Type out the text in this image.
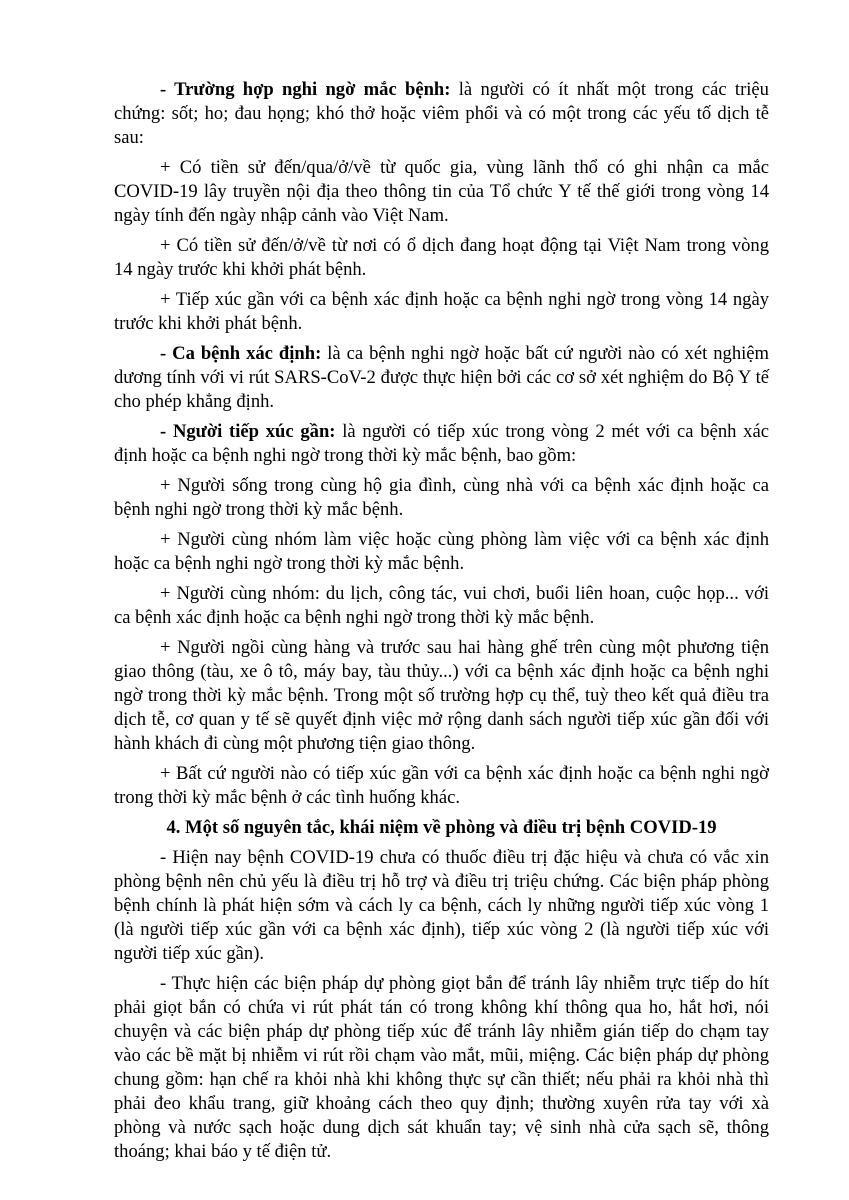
- Trường hợp nghi ngờ mắc bệnh: là người có ít nhất một trong các triệu chứng: sốt; ho; đau họng; khó thở hoặc viêm phổi và có một trong các yếu tố dịch tễ sau:

+ Có tiền sử đến/qua/ở/về từ quốc gia, vùng lãnh thổ có ghi nhận ca mắc COVID-19 lây truyền nội địa theo thông tin của Tổ chức Y tế thế giới trong vòng 14 ngày tính đến ngày nhập cảnh vào Việt Nam.

+ Có tiền sử đến/ở/về từ nơi có ổ dịch đang hoạt động tại Việt Nam trong vòng 14 ngày trước khi khởi phát bệnh.

+ Tiếp xúc gần với ca bệnh xác định hoặc ca bệnh nghi ngờ trong vòng 14 ngày trước khi khởi phát bệnh.

- Ca bệnh xác định: là ca bệnh nghi ngờ hoặc bất cứ người nào có xét nghiệm dương tính với vi rút SARS-CoV-2 được thực hiện bởi các cơ sở xét nghiệm do Bộ Y tế cho phép khẳng định.

- Người tiếp xúc gần: là người có tiếp xúc trong vòng 2 mét với ca bệnh xác định hoặc ca bệnh nghi ngờ trong thời kỳ mắc bệnh, bao gồm:

+ Người sống trong cùng hộ gia đình, cùng nhà với ca bệnh xác định hoặc ca bệnh nghi ngờ trong thời kỳ mắc bệnh.

+ Người cùng nhóm làm việc hoặc cùng phòng làm việc với ca bệnh xác định hoặc ca bệnh nghi ngờ trong thời kỳ mắc bệnh.

+ Người cùng nhóm: du lịch, công tác, vui chơi, buổi liên hoan, cuộc họp... với ca bệnh xác định hoặc ca bệnh nghi ngờ trong thời kỳ mắc bệnh.

+ Người ngồi cùng hàng và trước sau hai hàng ghế trên cùng một phương tiện giao thông (tàu, xe ô tô, máy bay, tàu thủy...) với ca bệnh xác định hoặc ca bệnh nghi ngờ trong thời kỳ mắc bệnh. Trong một số trường hợp cụ thể, tuỳ theo kết quả điều tra dịch tễ, cơ quan y tế sẽ quyết định việc mở rộng danh sách người tiếp xúc gần đối với hành khách đi cùng một phương tiện giao thông.

+ Bất cứ người nào có tiếp xúc gần với ca bệnh xác định hoặc ca bệnh nghi ngờ trong thời kỳ mắc bệnh ở các tình huống khác.

4. Một số nguyên tắc, khái niệm về phòng và điều trị bệnh COVID-19

- Hiện nay bệnh COVID-19 chưa có thuốc điều trị đặc hiệu và chưa có vắc xin phòng bệnh nên chủ yếu là điều trị hỗ trợ và điều trị triệu chứng. Các biện pháp phòng bệnh chính là phát hiện sớm và cách ly ca bệnh, cách ly những người tiếp xúc vòng 1 (là người tiếp xúc gần với ca bệnh xác định), tiếp xúc vòng 2 (là người tiếp xúc với người tiếp xúc gần).

- Thực hiện các biện pháp dự phòng giọt bắn để tránh lây nhiễm trực tiếp do hít phải giọt bắn có chứa vi rút phát tán có trong không khí thông qua ho, hắt hơi, nói chuyện và các biện pháp dự phòng tiếp xúc để tránh lây nhiễm gián tiếp do chạm tay vào các bề mặt bị nhiễm vi rút rồi chạm vào mắt, mũi, miệng. Các biện pháp dự phòng chung gồm: hạn chế ra khỏi nhà khi không thực sự cần thiết; nếu phải ra khỏi nhà thì phải đeo khẩu trang, giữ khoảng cách theo quy định; thường xuyên rửa tay với xà phòng và nước sạch hoặc dung dịch sát khuẩn tay; vệ sinh nhà cửa sạch sẽ, thông thoáng; khai báo y tế điện tử.
